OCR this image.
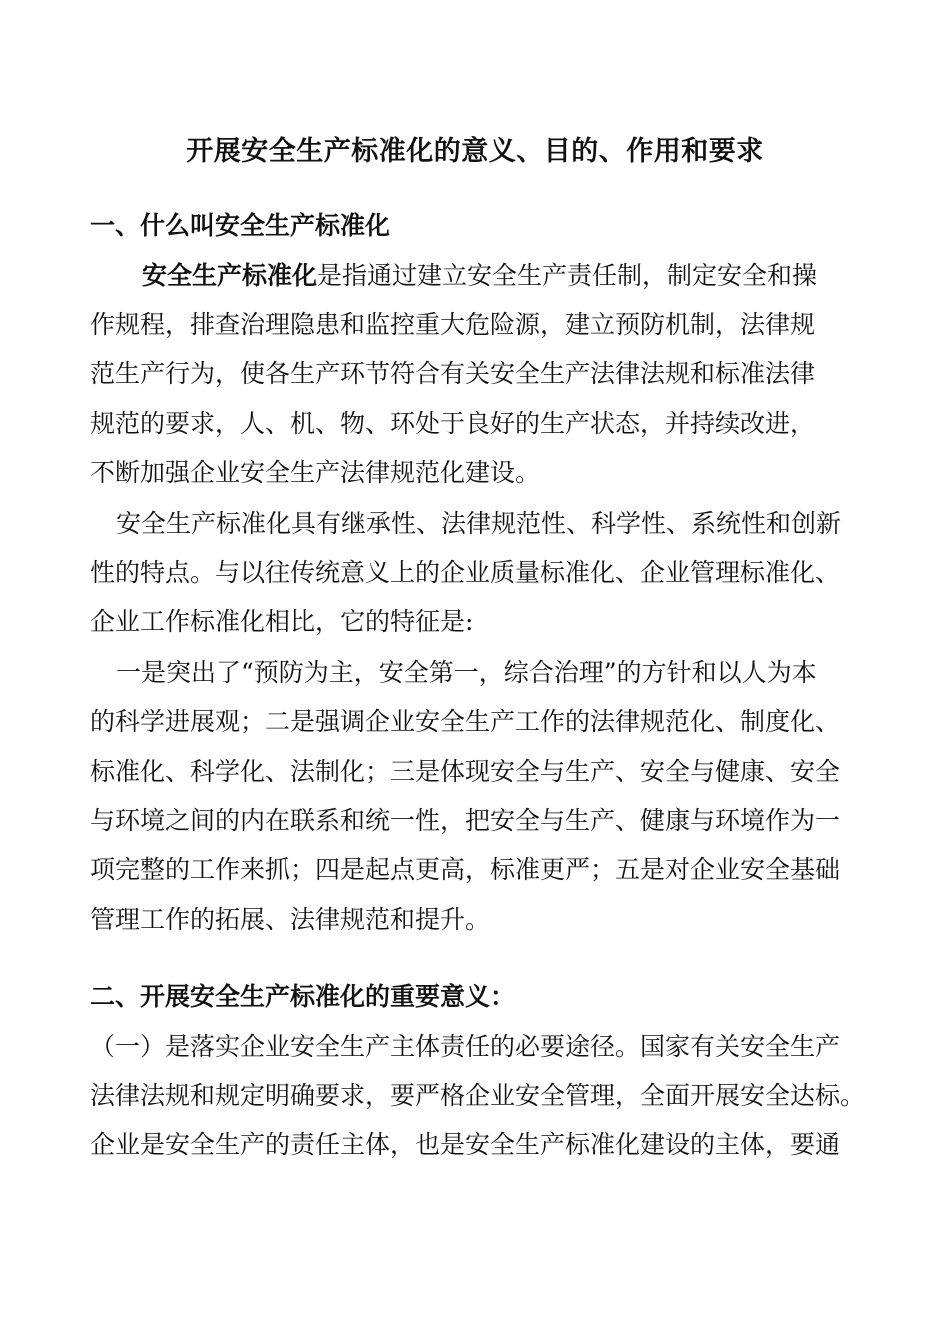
开展安全生产标准化的意义、目的、作用和要求
一、什么叫安全生产标准化
安全生产标准化是指通过建立安全生产责任制，制定安全和操
作规程，排查治理隐患和监控重大危险源，建立预防机制，法律规
范生产行为，使各生产环节符合有关安全生产法律法规和标准法律
规范的要求，人、机、物、环处于良好的生产状态，并持续改进，
不断加强企业安全生产法律规范化建设。
安全生产标准化具有继承性、法律规范性、科学性、系统性和创新
性的特点。与以往传统意义上的企业质量标准化、企业管理标准化、
企业工作标准化相比，它的特征是:
一是突出了“预防为主，安全第一，综合治理”的方针和以人为本
的科学进展观；二是强调企业安全生产工作的法律规范化、制度化、
标准化、科学化、法制化；三是体现安全与生产、安全与健康、安全
与环境之间的内在联系和统一性，把安全与生产、健康与环境作为一
项完整的工作来抓；四是起点更高，标准更严；五是对企业安全基础
管理工作的拓展、法律规范和提升。
二、开展安全生产标准化的重要意义：
（一）是落实企业安全生产主体责任的必要途径。国家有关安全生产
法律法规和规定明确要求，要严格企业安全管理，全面开展安全达标。
企业是安全生产的责任主体，也是安全生产标准化建设的主体，要通
